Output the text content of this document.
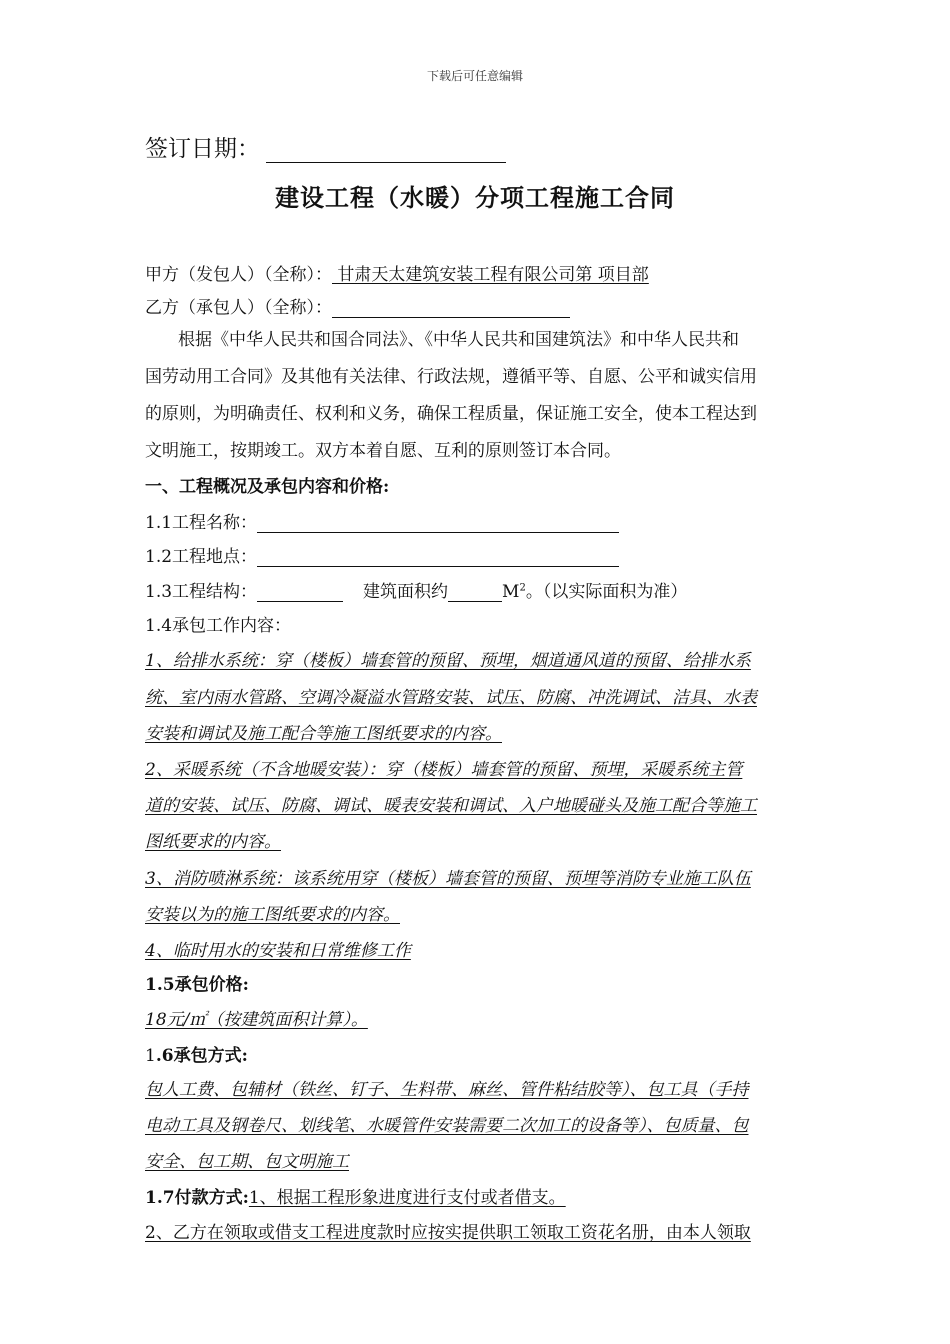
下载后可任意编辑
签订日期：
建设工程（水暖）分项工程施工合同
甲方（发包人）（全称）： 甘肃天太建筑安装工程有限公司第 项目部
乙方（承包人）（全称）：
根据《中华人民共和国合同法》、《中华人民共和国建筑法》和中华人民共和
国劳动用工合同》及其他有关法律、行政法规，遵循平等、自愿、公平和诚实信用
的原则，为明确责任、权利和义务，确保工程质量，保证施工安全，使本工程达到
文明施工，按期竣工。双方本着自愿、互利的原则签订本合同。
一、工程概况及承包内容和价格:
1.1工程名称：
1.2工程地点：
1.3工程结构：	建筑面积约	$M^2$。（以实际面积为准）
1.4承包工作内容：
1、给排水系统：穿（楼板）墙套管的预留、预埋，烟道通风道的预留、给排水系
统、室内雨水管路、空调冷凝溢水管路安装、试压、防腐、冲洗调试、洁具、水表
安装和调试及施工配合等施工图纸要求的内容。
2、采暖系统（不含地暖安装）：穿（楼板）墙套管的预留、预埋，采暖系统主管
道的安装、试压、防腐、调试、暖表安装和调试、入户地暖碰头及施工配合等施工
图纸要求的内容。
3、消防喷淋系统：该系统用穿（楼板）墙套管的预留、预埋等消防专业施工队伍
安装以为的施工图纸要求的内容。
4、临时用水的安装和日常维修工作
1.5承包价格:
18元/㎡（按建筑面积计算）。
1.6承包方式:
包人工费、包辅材（铁丝、钉子、生料带、麻丝、管件粘结胶等）、包工具（手持
电动工具及钢卷尺、划线笔、水暖管件安装需要二次加工的设备等）、包质量、包
安全、包工期、包文明施工
1.7付款方式:1、根据工程形象进度进行支付或者借支。
2、乙方在领取或借支工程进度款时应按实提供职工领取工资花名册，由本人领取
